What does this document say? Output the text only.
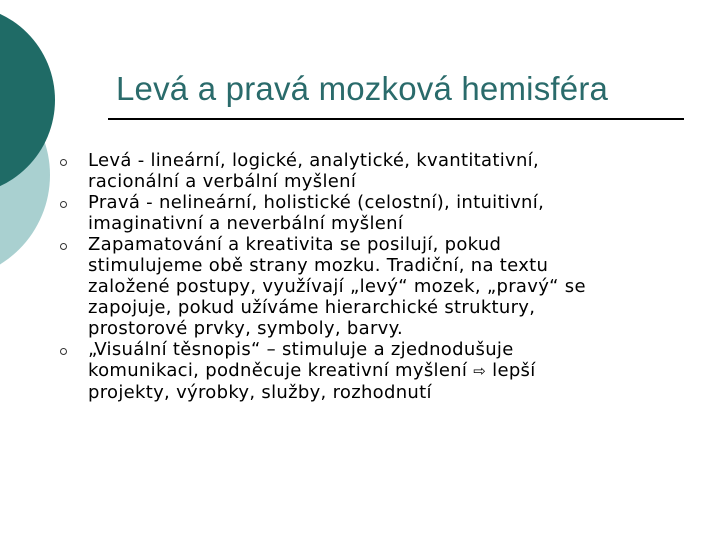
Levá a pravá mozková hemisféra
Levá - lineární, logické, analytické, kvantitativní,
racionální a verbální myšlení
Pravá - nelineární, holistické (celostní), intuitivní,
imaginativní a neverbální myšlení
Zapamatování a kreativita se posilují, pokud
stimulujeme obě strany mozku. Tradiční, na textu
založené postupy, využívají „levý“ mozek, „pravý“ se
zapojuje, pokud užíváme hierarchické struktury,
prostorové prvky, symboly, barvy.
„Visuální těsnopis“ – stimuluje a zjednodušuje
komunikaci, podněcuje kreativní myšlení ⇨ lepší
projekty, výrobky, služby, rozhodnutí
